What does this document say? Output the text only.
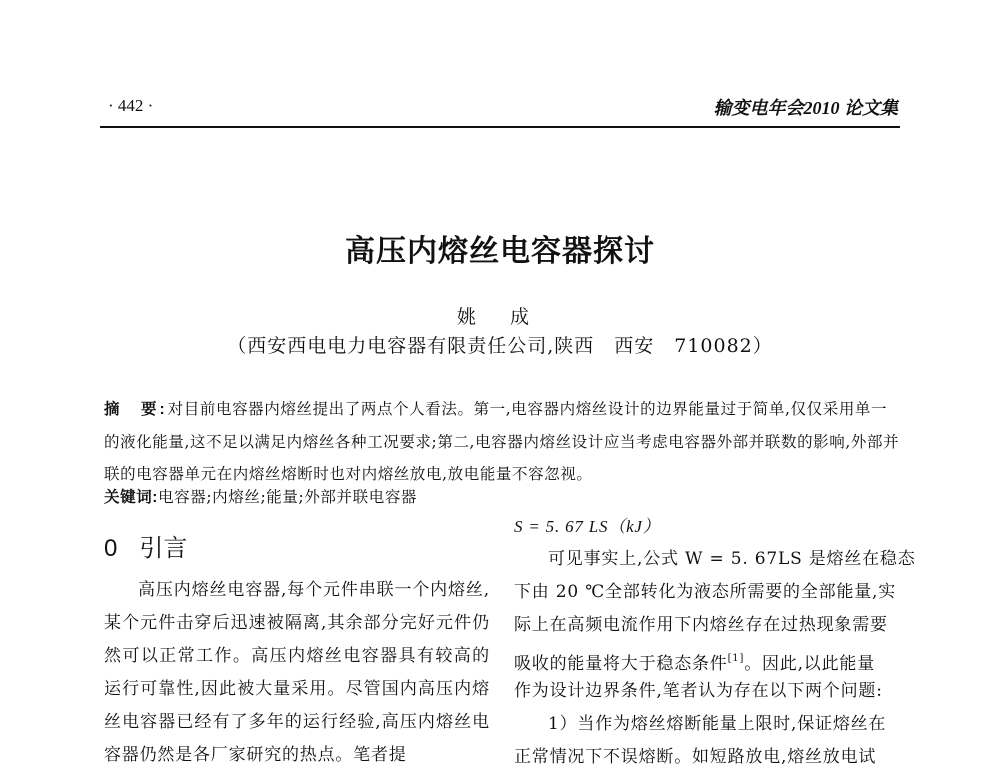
· 442 ·	输变电年会2010 论文集
高压内熔丝电容器探讨
姚 成
（西安西电电力电容器有限责任公司,陕西　西安　710082）
摘　要:对目前电容器内熔丝提出了两点个人看法。第一,电容器内熔丝设计的边界能量过于简单,仅仅采用单一的液化能量,这不足以满足内熔丝各种工况要求;第二,电容器内熔丝设计应当考虑电容器外部并联数的影响,外部并联的电容器单元在内熔丝熔断时也对内熔丝放电,放电能量不容忽视。
关键词:电容器;内熔丝;能量;外部并联电容器
0 引言
高压内熔丝电容器,每个元件串联一个内熔丝,某个元件击穿后迅速被隔离,其余部分完好元件仍然可以正常工作。高压内熔丝电容器具有较高的运行可靠性,因此被大量采用。尽管国内高压内熔丝电容器已经有了多年的运行经验,高压内熔丝电容器仍然是各厂家研究的热点。笔者提
S = 5. 67 LS（kJ）
可见事实上,公式 W = 5. 67LS 是熔丝在稳态
下由 20 ℃全部转化为液态所需要的全部能量,实
际上在高频电流作用下内熔丝存在过热现象需要
吸收的能量将大于稳态条件[1]。因此,以此能量
作为设计边界条件,笔者认为存在以下两个问题:
1）当作为熔丝熔断能量上限时,保证熔丝在
正常情况下不误熔断。如短路放电,熔丝放电试
